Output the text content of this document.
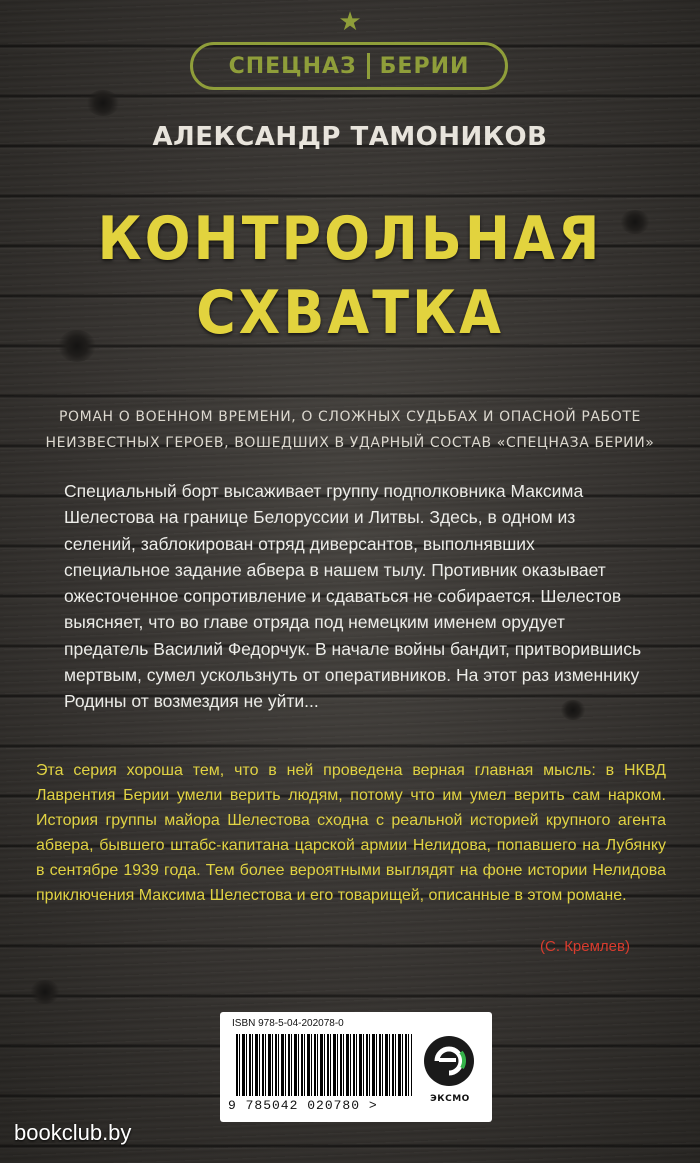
★
СПЕЦНАЗ БЕРИИ
АЛЕКСАНДР ТАМОНИКОВ
КОНТРОЛЬНАЯ
СХВАТКА
РОМАН О ВОЕННОМ ВРЕМЕНИ, О СЛОЖНЫХ СУДЬБАХ И ОПАСНОЙ РАБОТЕ
НЕИЗВЕСТНЫХ ГЕРОЕВ, ВОШЕДШИХ В УДАРНЫЙ СОСТАВ «СПЕЦНАЗА БЕРИИ»

Специальный борт высаживает группу подполковника Максима Шелестова на границе Белоруссии и Литвы. Здесь, в одном из селений, заблокирован отряд диверсантов, выполнявших специальное задание абвера в нашем тылу. Противник оказывает ожесточенное сопротивление и сдаваться не собирается. Шелестов выясняет, что во главе отряда под немецким именем орудует предатель Василий Федорчук. В начале войны бандит, притворившись мертвым, сумел ускользнуть от оперативников. На этот раз изменнику Родины от возмездия не уйти...

Эта серия хороша тем, что в ней проведена верная главная мысль: в НКВД Лаврентия Берии умели верить людям, потому что им умел верить сам нарком. История группы майора Шелестова сходна с реальной историей крупного агента абвера, бывшего штабс-капитана царской армии Нелидова, попавшего на Лубянку в сентябре 1939 года. Тем более вероятными выглядят на фоне истории Нелидова приключения Максима Шелестова и его товарищей, описанные в этом романе.
(С. Кремлев)
ISBN 978-5-04-202078-0
9 785042 020780 >	ЭКСМО
bookclub.by
